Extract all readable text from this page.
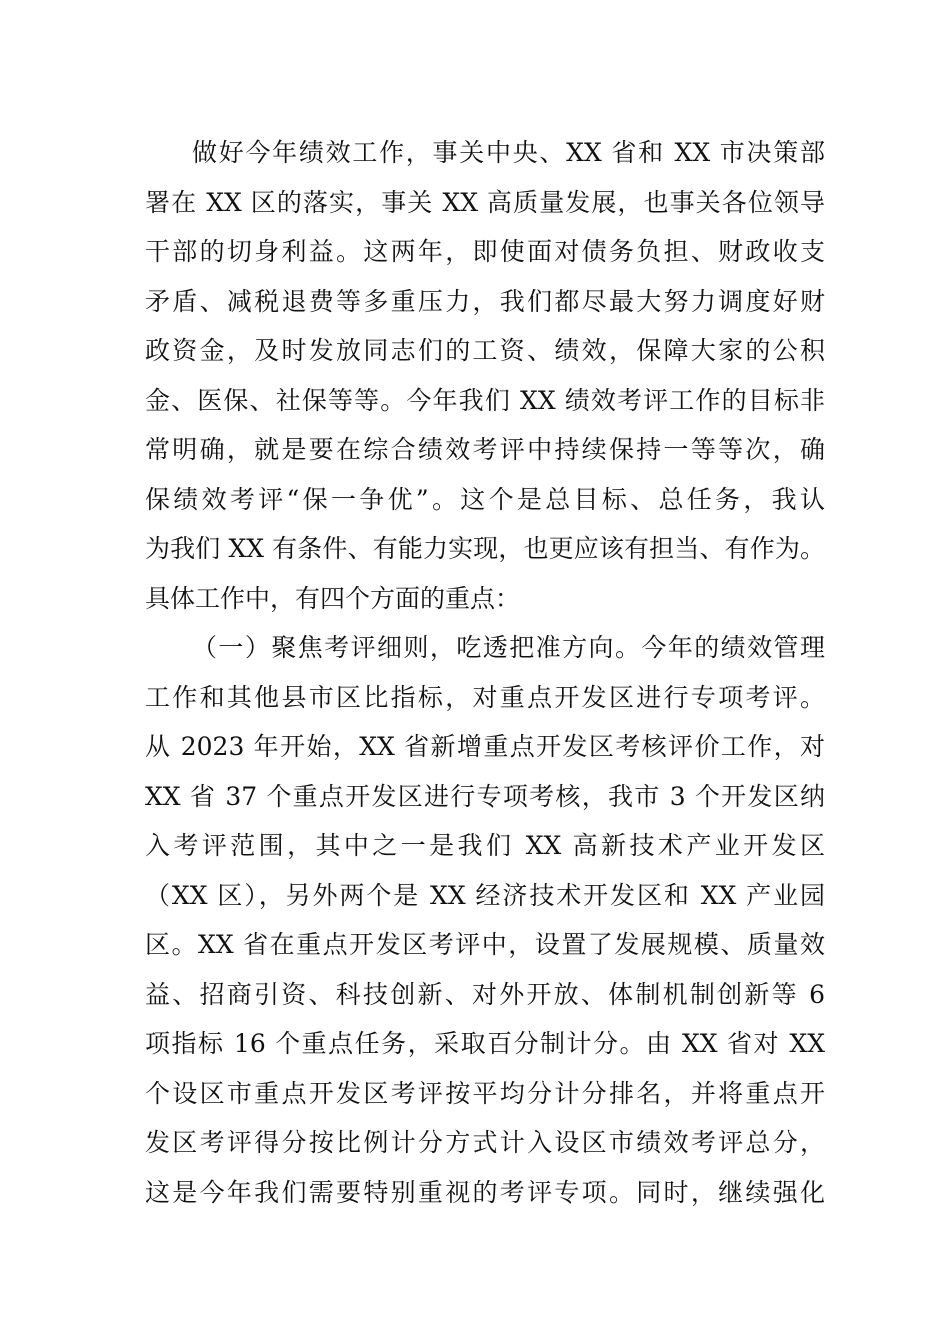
做好今年绩效工作，事关中央、XX 省和 XX 市决策部
署在 XX 区的落实，事关 XX 高质量发展，也事关各位领导
干部的切身利益。这两年，即使面对债务负担、财政收支
矛盾、减税退费等多重压力，我们都尽最大努力调度好财
政资金，及时发放同志们的工资、绩效，保障大家的公积
金、医保、社保等等。今年我们 XX 绩效考评工作的目标非
常明确，就是要在综合绩效考评中持续保持一等等次，确
保绩效考评“保一争优”。这个是总目标、总任务，我认
为我们 XX 有条件、有能力实现，也更应该有担当、有作为。
具体工作中，有四个方面的重点：
（一）聚焦考评细则，吃透把准方向。今年的绩效管理
工作和其他县市区比指标，对重点开发区进行专项考评。
从 2023 年开始，XX 省新增重点开发区考核评价工作，对
XX 省 37 个重点开发区进行专项考核，我市 3 个开发区纳
入考评范围，其中之一是我们 XX 高新技术产业开发区
（XX 区），另外两个是 XX 经济技术开发区和 XX 产业园
区。XX 省在重点开发区考评中，设置了发展规模、质量效
益、招商引资、科技创新、对外开放、体制机制创新等 6
项指标 16 个重点任务，采取百分制计分。由 XX 省对 XX
个设区市重点开发区考评按平均分计分排名，并将重点开
发区考评得分按比例计分方式计入设区市绩效考评总分，
这是今年我们需要特别重视的考评专项。同时，继续强化
